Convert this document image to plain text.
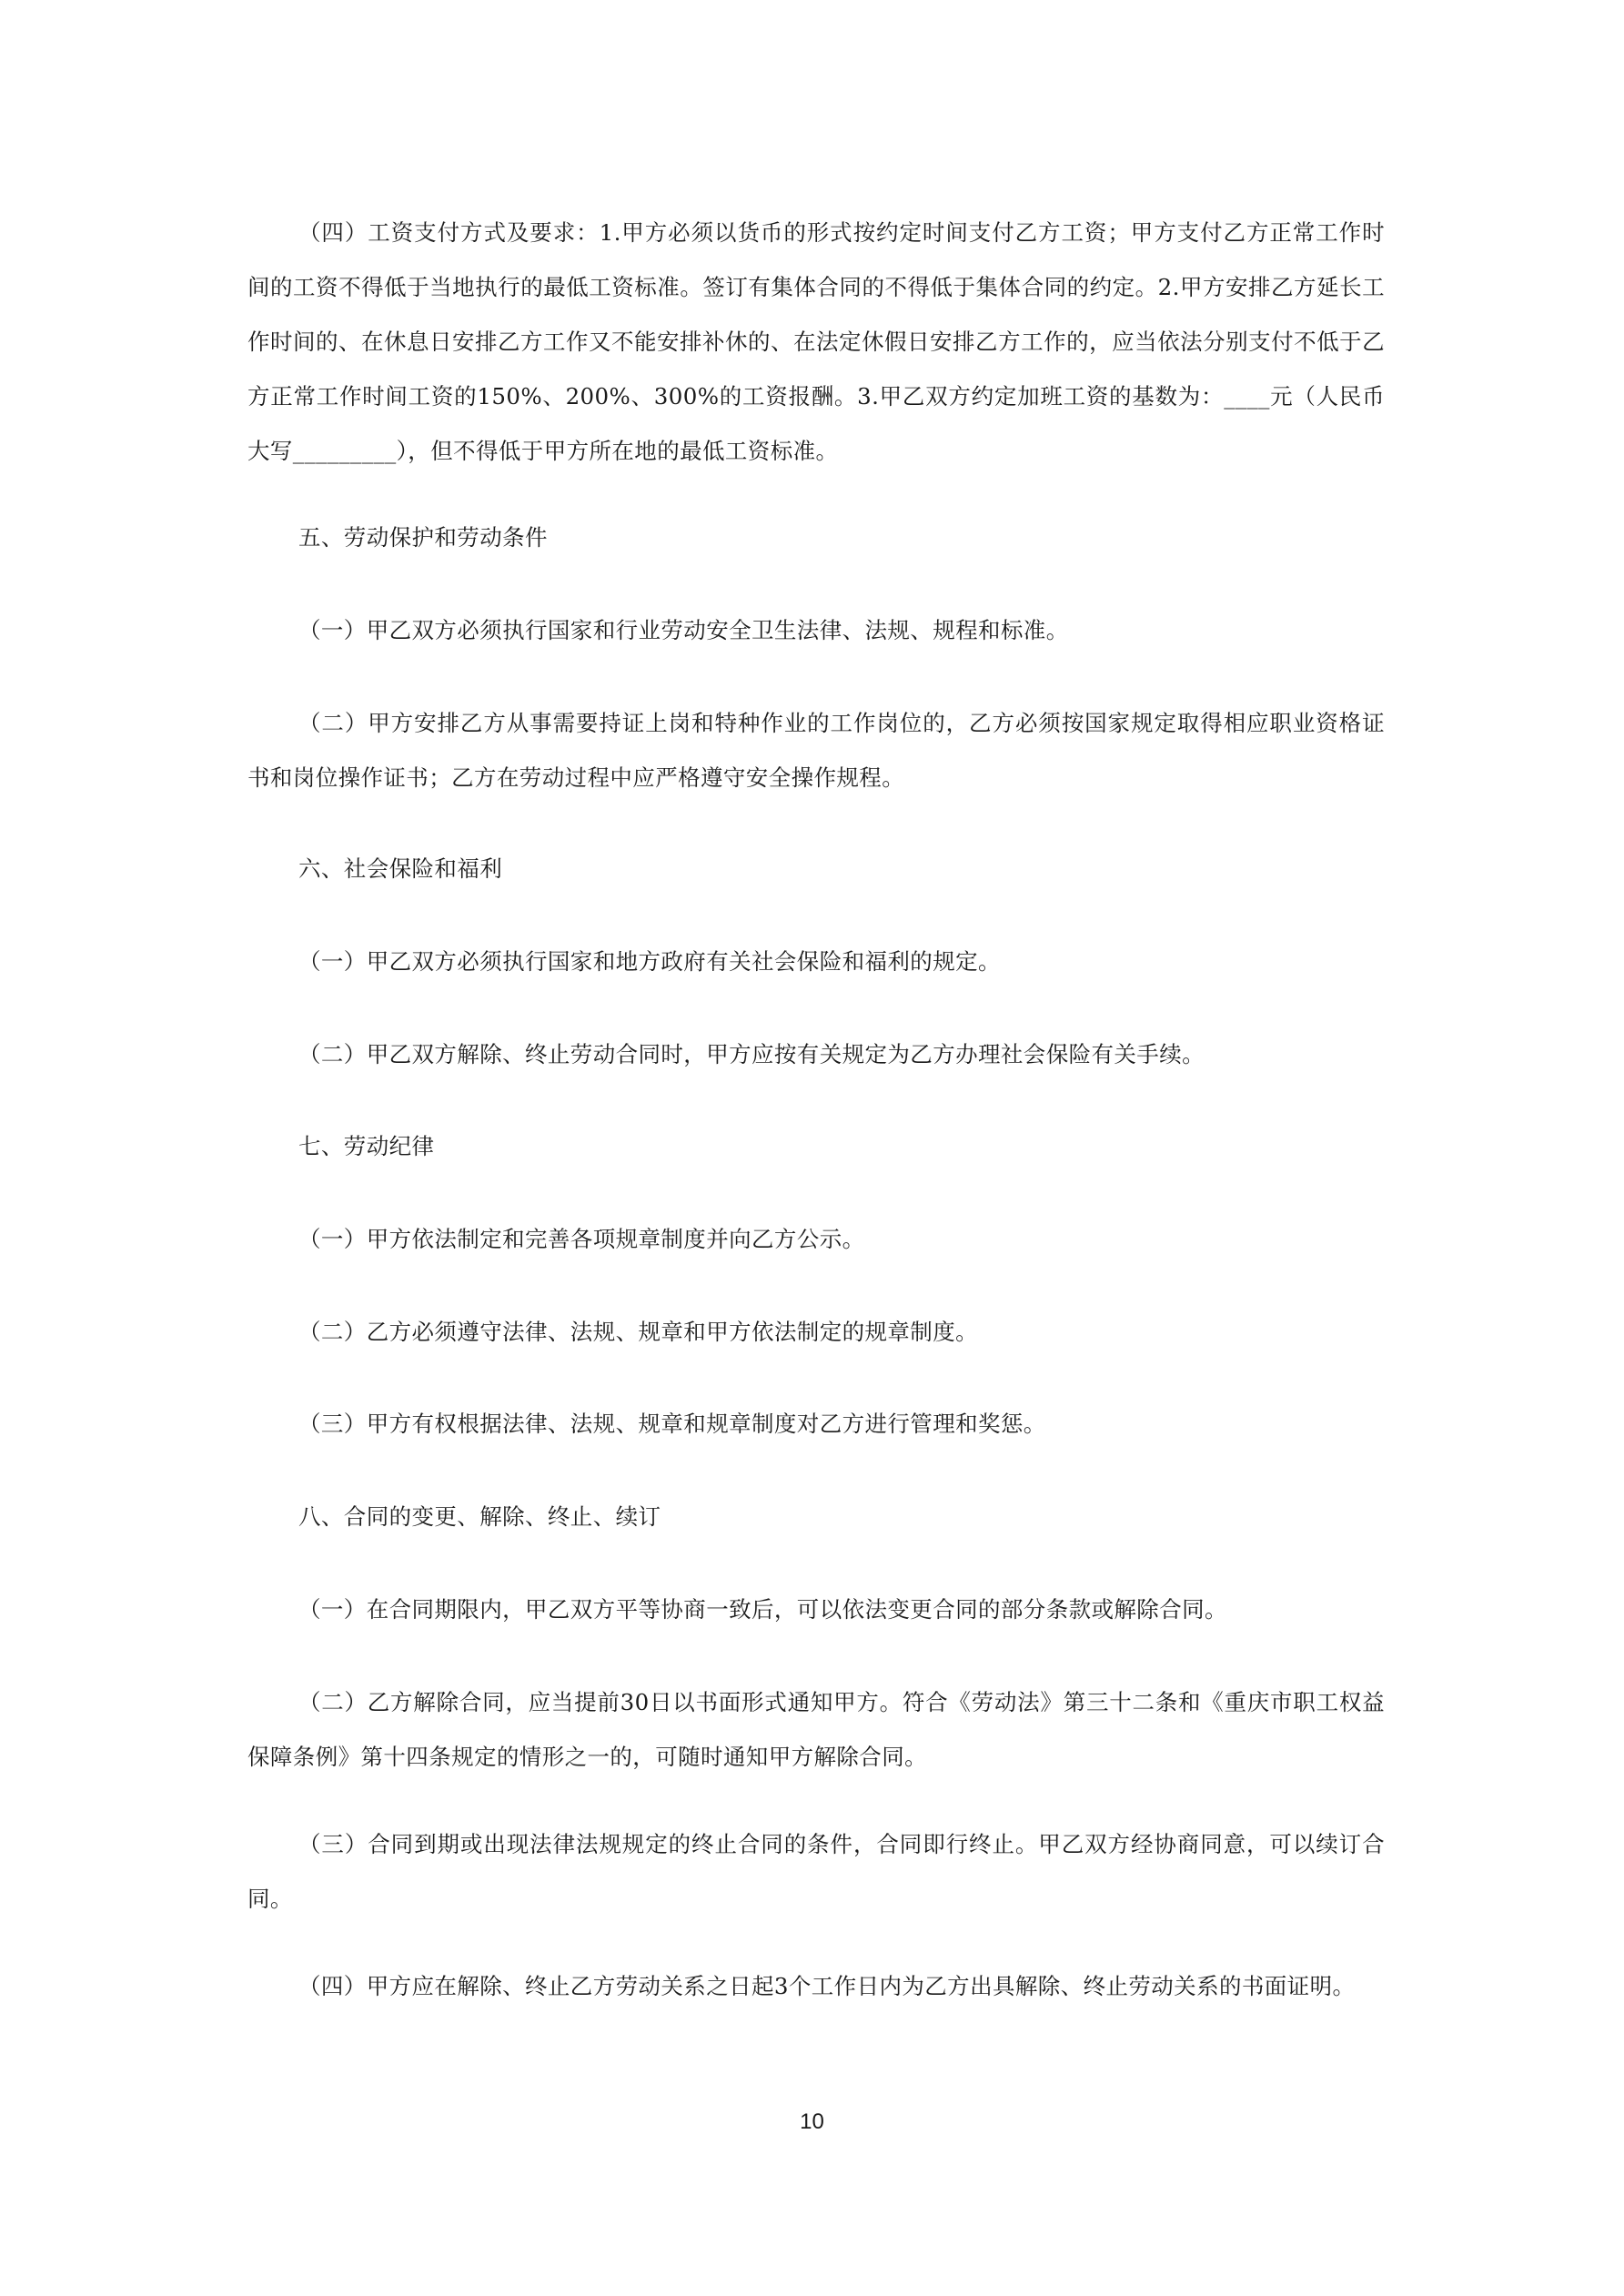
（四）工资支付方式及要求：1.甲方必须以货币的形式按约定时间支付乙方工资；甲方支付乙方正常工作时间的工资不得低于当地执行的最低工资标准。签订有集体合同的不得低于集体合同的约定。2.甲方安排乙方延长工作时间的、在休息日安排乙方工作又不能安排补休的、在法定休假日安排乙方工作的，应当依法分别支付不低于乙方正常工作时间工资的150%、200%、300%的工资报酬。3.甲乙双方约定加班工资的基数为：____元（人民币大写_________），但不得低于甲方所在地的最低工资标准。

五、劳动保护和劳动条件

（一）甲乙双方必须执行国家和行业劳动安全卫生法律、法规、规程和标准。

（二）甲方安排乙方从事需要持证上岗和特种作业的工作岗位的，乙方必须按国家规定取得相应职业资格证书和岗位操作证书；乙方在劳动过程中应严格遵守安全操作规程。

六、社会保险和福利

（一）甲乙双方必须执行国家和地方政府有关社会保险和福利的规定。

（二）甲乙双方解除、终止劳动合同时，甲方应按有关规定为乙方办理社会保险有关手续。

七、劳动纪律

（一）甲方依法制定和完善各项规章制度并向乙方公示。

（二）乙方必须遵守法律、法规、规章和甲方依法制定的规章制度。

（三）甲方有权根据法律、法规、规章和规章制度对乙方进行管理和奖惩。

八、合同的变更、解除、终止、续订

（一）在合同期限内，甲乙双方平等协商一致后，可以依法变更合同的部分条款或解除合同。

（二）乙方解除合同，应当提前30日以书面形式通知甲方。符合《劳动法》第三十二条和《重庆市职工权益保障条例》第十四条规定的情形之一的，可随时通知甲方解除合同。

（三）合同到期或出现法律法规规定的终止合同的条件，合同即行终止。甲乙双方经协商同意，可以续订合同。

（四）甲方应在解除、终止乙方劳动关系之日起3个工作日内为乙方出具解除、终止劳动关系的书面证明。

10
